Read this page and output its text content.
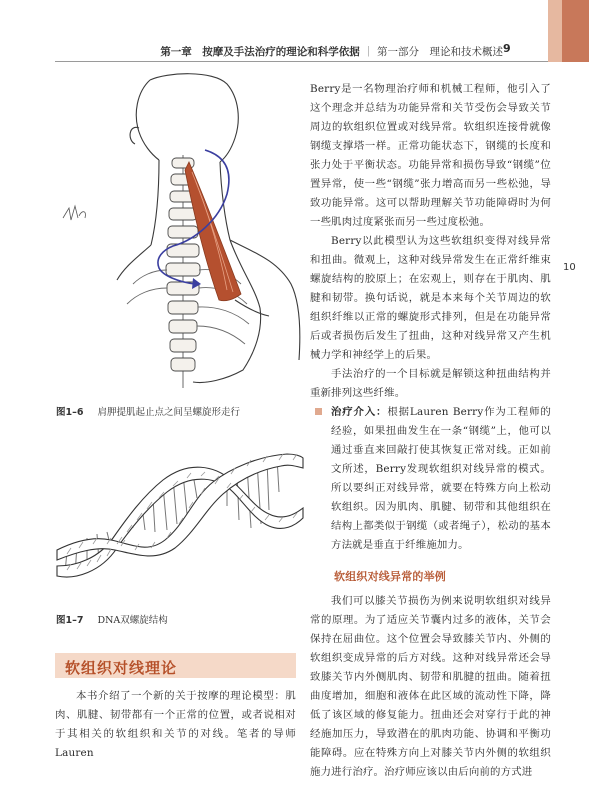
第一章　按摩及手法治疗的理论和科学依据 ｜ 第一部分　理论和技术概述 9
10
图1–6 肩胛提肌起止点之间呈螺旋形走行
图1–7 DNA双螺旋结构
软组织对线理论

本书介绍了一个新的关于按摩的理论模型：肌肉、肌腱、韧带都有一个正常的位置，或者说相对于其相关的软组织和关节的对线。笔者的导师Lauren

Berry是一名物理治疗师和机械工程师，他引入了这个理念并总结为功能异常和关节受伤会导致关节周边的软组织位置或对线异常。软组织连接骨就像钢缆支撑塔一样。正常功能状态下，钢缆的长度和张力处于平衡状态。功能异常和损伤导致“钢缆”位置异常，使一些“钢缆”张力增高而另一些松弛，导致功能异常。这可以帮助理解关节功能障碍时为何一些肌肉过度紧张而另一些过度松弛。

Berry以此模型认为这些软组织变得对线异常和扭曲。微观上，这种对线异常发生在正常纤维束螺旋结构的胶原上；在宏观上，则存在于肌肉、肌腱和韧带。换句话说，就是本来每个关节周边的软组织纤维以正常的螺旋形式排列，但是在功能异常后或者损伤后发生了扭曲，这种对线异常又产生机械力学和神经学上的后果。

手法治疗的一个目标就是解锁这种扭曲结构并重新排列这些纤维。

治疗介入：根据Lauren Berry作为工程师的经验，如果扭曲发生在一条“钢缆”上，他可以通过垂直来回敲打使其恢复正常对线。正如前文所述，Berry发现软组织对线异常的模式。所以要纠正对线异常，就要在特殊方向上松动软组织。因为肌肉、肌腱、韧带和其他组织在结构上都类似于钢缆（或者绳子），松动的基本方法就是垂直于纤维施加力。

软组织对线异常的举例

我们可以膝关节损伤为例来说明软组织对线异常的原理。为了适应关节囊内过多的液体，关节会保持在屈曲位。这个位置会导致膝关节内、外侧的软组织变成异常的后方对线。这种对线异常还会导致膝关节内外侧肌肉、韧带和肌腱的扭曲。随着扭曲度增加，细胞和液体在此区域的流动性下降，降低了该区域的修复能力。扭曲还会对穿行于此的神经施加压力，导致潜在的肌肉功能、协调和平衡功能障碍。应在特殊方向上对膝关节内外侧的软组织施力进行治疗。治疗师应该以由后向前的方式进
